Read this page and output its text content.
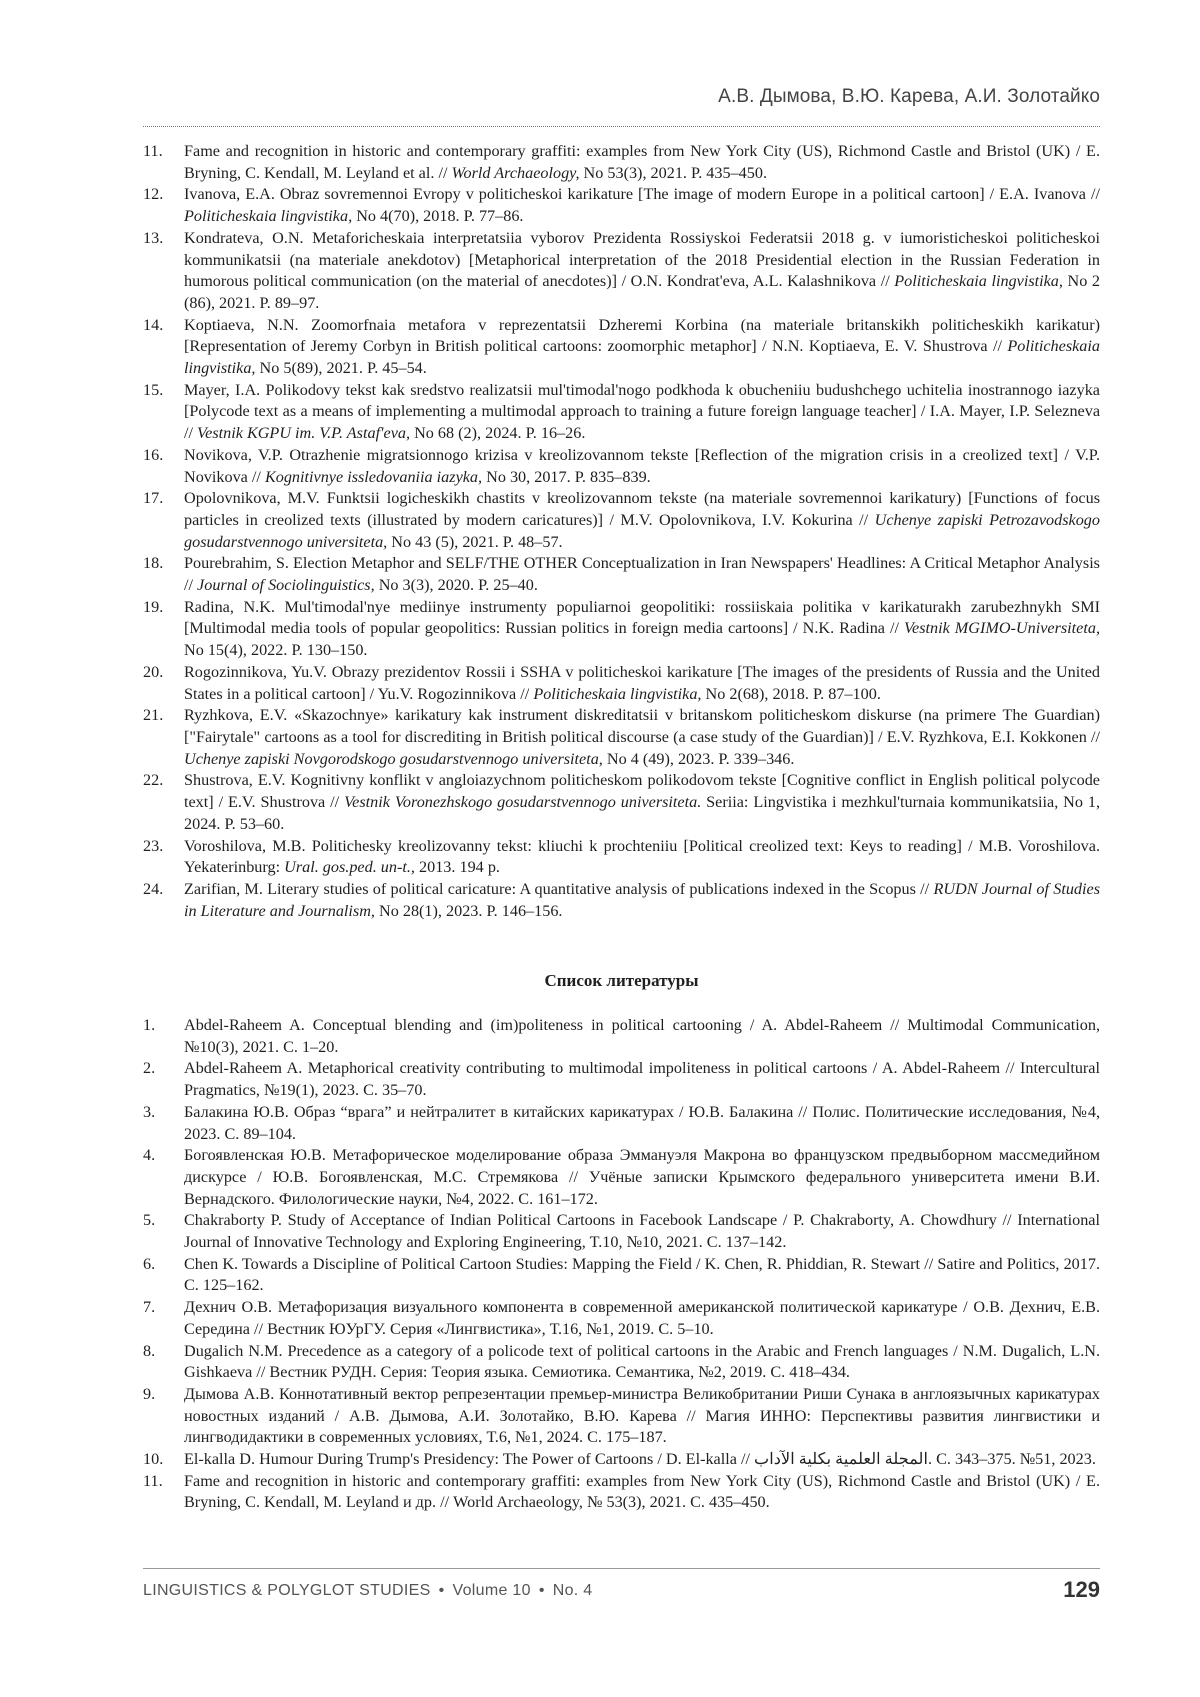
А.В. Дымова, В.Ю. Карева, А.И. Золотайко
11.	Fame and recognition in historic and contemporary graffiti: examples from New York City (US), Richmond Castle and Bristol (UK) / E. Bryning, C. Kendall, M. Leyland et al. // World Archaeology, No 53(3), 2021. P. 435–450.
12.	Ivanova, E.A. Obraz sovremennoi Evropy v politicheskoi karikature [The image of modern Europe in a political cartoon] / E.A. Ivanova // Politicheskaia lingvistika, No 4(70), 2018. P. 77–86.
13.	Kondrateva, O.N. Metaforicheskaia interpretatsiia vyborov Prezidenta Rossiyskoi Federatsii 2018 g. v iumoristicheskoi politicheskoi kommunikatsii (na materiale anekdotov) [Metaphorical interpretation of the 2018 Presidential election in the Russian Federation in humorous political communication (on the material of anecdotes)] / O.N. Kondrat'eva, A.L. Kalashnikova // Politicheskaia lingvistika, No 2 (86), 2021. P. 89–97.
14.	Koptiaeva, N.N. Zoomorfnaia metafora v reprezentatsii Dzheremi Korbina (na materiale britanskikh politicheskikh karikatur) [Representation of Jeremy Corbyn in British political cartoons: zoomorphic metaphor] / N.N. Koptiaeva, E. V. Shustrova // Politicheskaia lingvistika, No 5(89), 2021. P. 45–54.
15.	Mayer, I.A. Polikodovy tekst kak sredstvo realizatsii mul'timodal'nogo podkhoda k obucheniiu budushchego uchitelia inostrannogo iazyka [Polycode text as a means of implementing a multimodal approach to training a future foreign language teacher] / I.A. Mayer, I.P. Selezneva // Vestnik KGPU im. V.P. Astaf'eva, No 68 (2), 2024. P. 16–26.
16.	Novikova, V.P. Otrazhenie migratsionnogo krizisa v kreolizovannom tekste [Reflection of the migration crisis in a creolized text] / V.P. Novikova // Kognitivnye issledovaniia iazyka, No 30, 2017. P. 835–839.
17.	Opolovnikova, M.V. Funktsii logicheskikh chastits v kreolizovannom tekste (na materiale sovremennoi karikatury) [Functions of focus particles in creolized texts (illustrated by modern caricatures)] / M.V. Opolovnikova, I.V. Kokurina // Uchenye zapiski Petrozavodskogo gosudarstvennogo universiteta, No 43 (5), 2021. P. 48–57.
18.	Pourebrahim, S. Election Metaphor and SELF/THE OTHER Conceptualization in Iran Newspapers' Headlines: A Critical Metaphor Analysis // Journal of Sociolinguistics, No 3(3), 2020. P. 25–40.
19.	Radina, N.K. Mul'timodal'nye mediinye instrumenty populiarnoi geopolitiki: rossiiskaia politika v karikaturakh zarubezhnykh SMI [Multimodal media tools of popular geopolitics: Russian politics in foreign media cartoons] / N.K. Radina // Vestnik MGIMO-Universiteta, No 15(4), 2022. P. 130–150.
20.	Rogozinnikova, Yu.V. Obrazy prezidentov Rossii i SSHA v politicheskoi karikature [The images of the presidents of Russia and the United States in a political cartoon] / Yu.V. Rogozinnikova // Politicheskaia lingvistika, No 2(68), 2018. P. 87–100.
21.	Ryzhkova, E.V. «Skazochnye» karikatury kak instrument diskreditatsii v britanskom politicheskom diskurse (na primere The Guardian) ["Fairytale" cartoons as a tool for discrediting in British political discourse (a case study of the Guardian)] / E.V. Ryzhkova, E.I. Kokkonen // Uchenye zapiski Novgorodskogo gosudarstvennogo universiteta, No 4 (49), 2023. P. 339–346.
22.	Shustrova, E.V. Kognitivny konflikt v angloiazychnom politicheskom polikodovom tekste [Cognitive conflict in English political polycode text] / E.V. Shustrova // Vestnik Voronezhskogo gosudarstvennogo universiteta. Seriia: Lingvistika i mezhkul'turnaia kommunikatsiia, No 1, 2024. P. 53–60.
23.	Voroshilova, M.B. Politichesky kreolizovanny tekst: kliuchi k prochteniiu [Political creolized text: Keys to reading] / M.B. Voroshilova. Yekaterinburg: Ural. gos.ped. un-t., 2013. 194 p.
24.	Zarifian, M. Literary studies of political caricature: A quantitative analysis of publications indexed in the Scopus // RUDN Journal of Studies in Literature and Journalism, No 28(1), 2023. P. 146–156.
Список литературы
1.	Abdel-Raheem A. Conceptual blending and (im)politeness in political cartooning / A. Abdel-Raheem // Multimodal Communication, №10(3), 2021. C. 1–20.
2.	Abdel-Raheem A. Metaphorical creativity contributing to multimodal impoliteness in political cartoons / A. Abdel-Raheem // Intercultural Pragmatics, №19(1), 2023. C. 35–70.
3.	Балакина Ю.В. Образ “врага” и нейтралитет в китайских карикатурах / Ю.В. Балакина // Полис. Политические исследования, №4, 2023. С. 89–104.
4.	Богоявленская Ю.В. Метафорическое моделирование образа Эммануэля Макрона во французском предвыборном массмедийном дискурсе / Ю.В. Богоявленская, М.С. Стремякова // Учёные записки Крымского федерального университета имени В.И. Вернадского. Филологические науки, №4, 2022. С. 161–172.
5.	Chakraborty P. Study of Acceptance of Indian Political Cartoons in Facebook Landscape / P. Chakraborty, A. Chowdhury // International Journal of Innovative Technology and Exploring Engineering, T.10, №10, 2021. C. 137–142.
6.	Chen K. Towards a Discipline of Political Cartoon Studies: Mapping the Field / K. Chen, R. Phiddian, R. Stewart // Satire and Politics, 2017. C. 125–162.
7.	Дехнич О.В. Метафоризация визуального компонента в современной американской политической карикатуре / О.В. Дехнич, Е.В. Середина // Вестник ЮУрГУ. Серия «Лингвистика», Т.16, №1, 2019. С. 5–10.
8.	Dugalich N.M. Precedence as a category of a policode text of political cartoons in the Arabic and French languages / N.M. Dugalich, L.N. Gishkaeva // Вестник РУДН. Серия: Теория языка. Семиотика. Семантика, №2, 2019. С. 418–434.
9.	Дымова А.В. Коннотативный вектор репрезентации премьер-министра Великобритании Риши Сунака в англоязычных карикатурах новостных изданий / А.В. Дымова, А.И. Золотайко, В.Ю. Карева // Магия ИННО: Перспективы развития лингвистики и лингводидактики в современных условиях, Т.6, №1, 2024. С. 175–187.
10.	El-kalla D. Humour During Trump's Presidency: The Power of Cartoons / D. El-kalla // المجلة العلمية بكلية الآداب. C. 343–375. №51, 2023.
11.	Fame and recognition in historic and contemporary graffiti: examples from New York City (US), Richmond Castle and Bristol (UK) / E. Bryning, C. Kendall, M. Leyland и др. // World Archaeology, № 53(3), 2021. C. 435–450.
LINGUISTICS & POLYGLOT STUDIES • Volume 10 • No. 4	129
